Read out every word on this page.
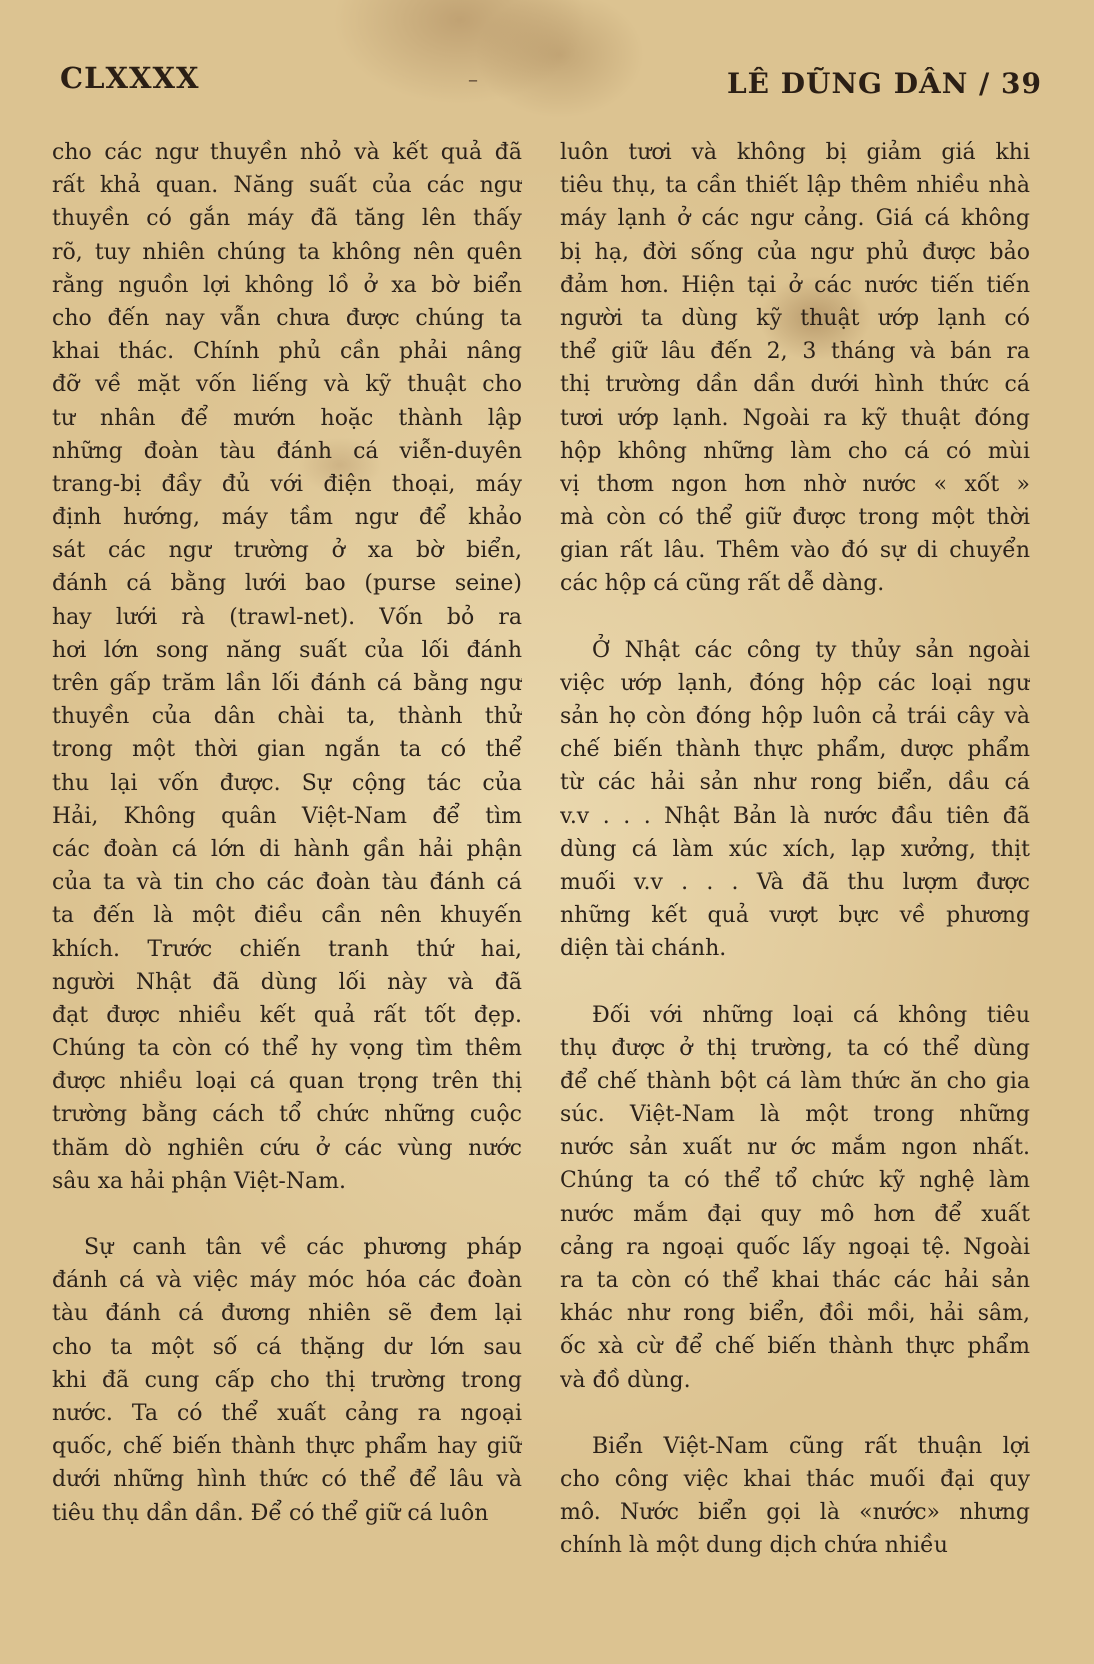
CLXXXX	–	LÊ DŨNG DÂN / 39
cho các ngư thuyền nhỏ và kết quả đã
rất khả quan. Năng suất của các ngư
thuyền có gắn máy đã tăng lên thấy
rõ, tuy nhiên chúng ta không nên quên
rằng nguồn lợi không lồ ở xa bờ biển
cho đến nay vẫn chưa được chúng ta
khai thác. Chính phủ cần phải nâng
đỡ về mặt vốn liếng và kỹ thuật cho
tư nhân để mướn hoặc thành lập
những đoàn tàu đánh cá viễn-duyên
trang-bị đầy đủ với điện thoại, máy
định hướng, máy tầm ngư để khảo
sát các ngư trường ở xa bờ biển,
đánh cá bằng lưới bao (purse seine)
hay lưới rà (trawl-net). Vốn bỏ ra
hơi lớn song năng suất của lối đánh
trên gấp trăm lần lối đánh cá bằng ngư
thuyền của dân chài ta, thành thử
trong một thời gian ngắn ta có thể
thu lại vốn được. Sự cộng tác của
Hải, Không quân Việt-Nam để tìm
các đoàn cá lớn di hành gần hải phận
của ta và tin cho các đoàn tàu đánh cá
ta đến là một điều cần nên khuyến
khích. Trước chiến tranh thứ hai,
người Nhật đã dùng lối này và đã
đạt được nhiều kết quả rất tốt đẹp.
Chúng ta còn có thể hy vọng tìm thêm
được nhiều loại cá quan trọng trên thị
trường bằng cách tổ chức những cuộc
thăm dò nghiên cứu ở các vùng nước
sâu xa hải phận Việt-Nam.
Sự canh tân về các phương pháp
đánh cá và việc máy móc hóa các đoàn
tàu đánh cá đương nhiên sẽ đem lại
cho ta một số cá thặng dư lớn sau
khi đã cung cấp cho thị trường trong
nước. Ta có thể xuất cảng ra ngoại
quốc, chế biến thành thực phẩm hay giữ
dưới những hình thức có thể để lâu và
tiêu thụ dần dần. Để có thể giữ cá luôn
luôn tươi và không bị giảm giá khi
tiêu thụ, ta cần thiết lập thêm nhiều nhà
máy lạnh ở các ngư cảng. Giá cá không
bị hạ, đời sống của ngư phủ được bảo
đảm hơn. Hiện tại ở các nước tiến tiến
người ta dùng kỹ thuật ướp lạnh có
thể giữ lâu đến 2, 3 tháng và bán ra
thị trường dần dần dưới hình thức cá
tươi ướp lạnh. Ngoài ra kỹ thuật đóng
hộp không những làm cho cá có mùi
vị thơm ngon hơn nhờ nước « xốt »
mà còn có thể giữ được trong một thời
gian rất lâu. Thêm vào đó sự di chuyển
các hộp cá cũng rất dễ dàng.
Ở Nhật các công ty thủy sản ngoài
việc ướp lạnh, đóng hộp các loại ngư
sản họ còn đóng hộp luôn cả trái cây và
chế biến thành thực phẩm, dược phẩm
từ các hải sản như rong biển, dầu cá
v.v . . . Nhật Bản là nước đầu tiên đã
dùng cá làm xúc xích, lạp xưởng, thịt
muối v.v . . . Và đã thu lượm được
những kết quả vượt bực về phương
diện tài chánh.
Đối với những loại cá không tiêu
thụ được ở thị trường, ta có thể dùng
để chế thành bột cá làm thức ăn cho gia
súc. Việt-Nam là một trong những
nước sản xuất nư ớc mắm ngon nhất.
Chúng ta có thể tổ chức kỹ nghệ làm
nước mắm đại quy mô hơn để xuất
cảng ra ngoại quốc lấy ngoại tệ. Ngoài
ra ta còn có thể khai thác các hải sản
khác như rong biển, đồi mồi, hải sâm,
ốc xà cừ để chế biến thành thực phẩm
và đồ dùng.
Biển Việt-Nam cũng rất thuận lợi
cho công việc khai thác muối đại quy
mô. Nước biển gọi là «nước» nhưng
chính là một dung dịch chứa nhiều
